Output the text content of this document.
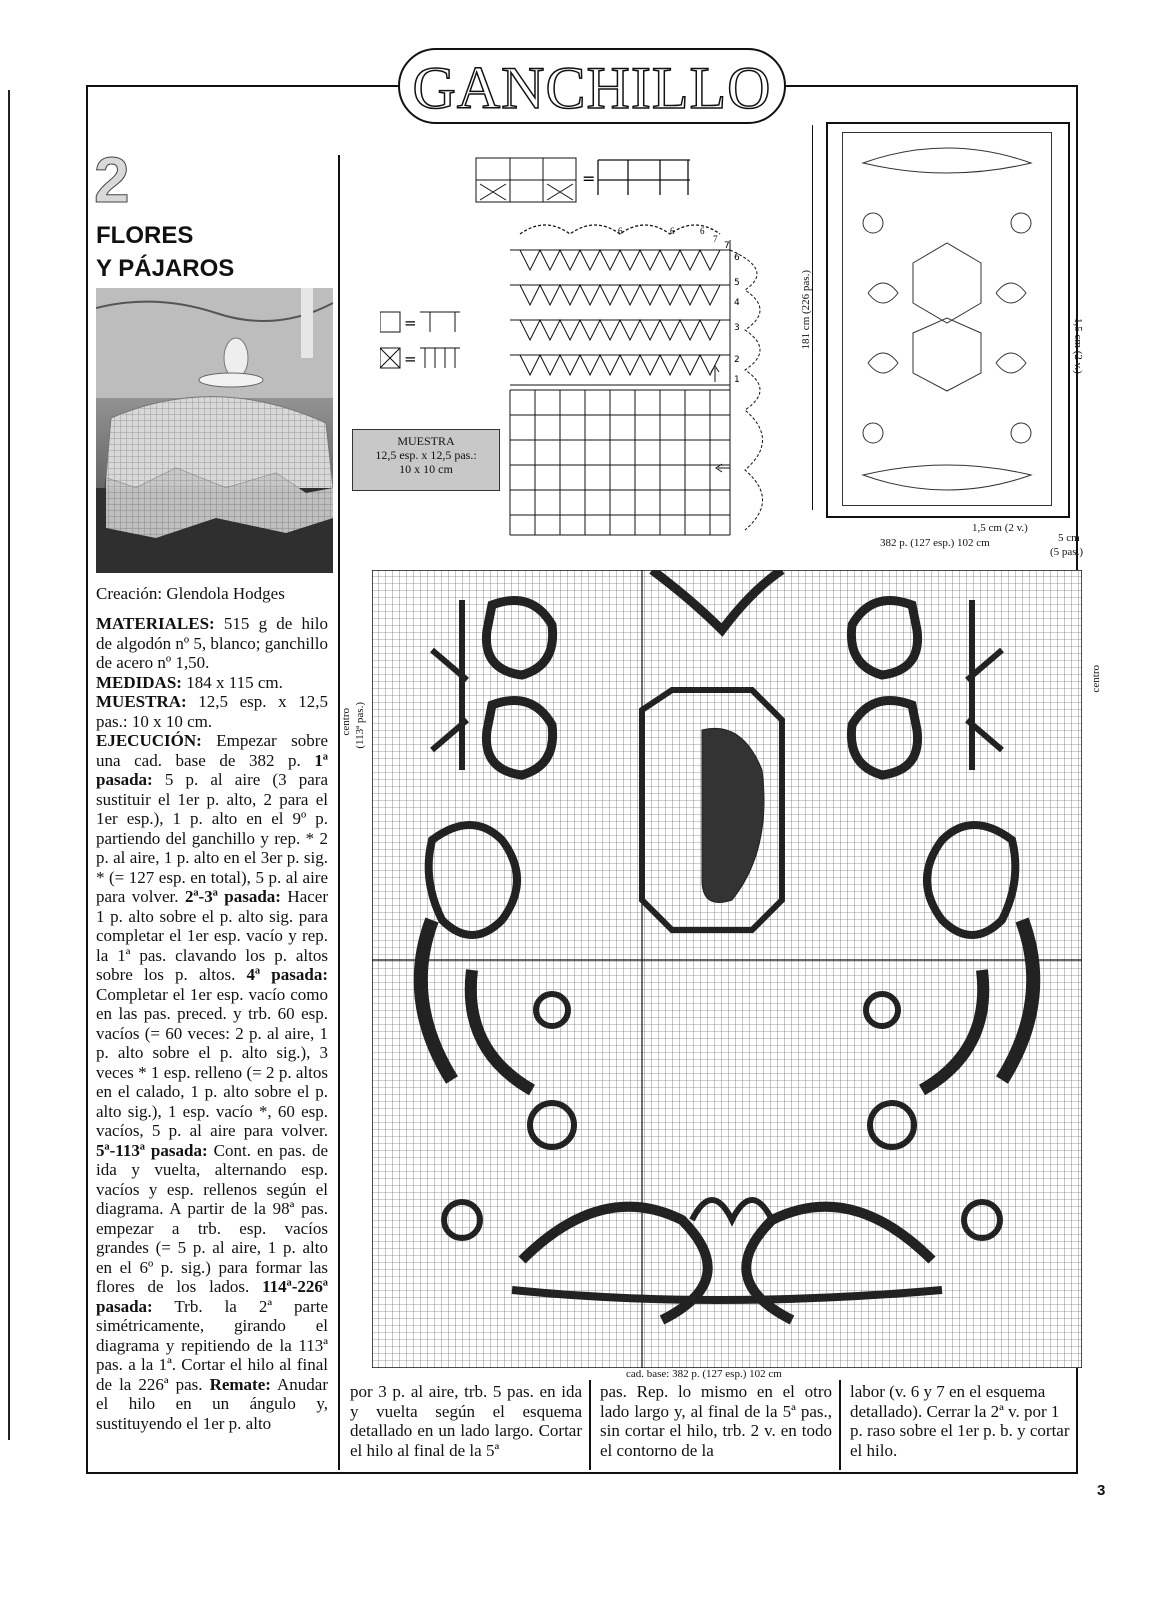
GANCHILLO
2
FLORES
Y PÁJAROS
Creación: Glendola Hodges
MATERIALES: 515 g de hilo de algodón nº 5, blanco; ganchillo de acero nº 1,50.
MEDIDAS: 184 x 115 cm.
MUESTRA: 12,5 esp. x 12,5 pas.: 10 x 10 cm.
EJECUCIÓN: Empezar sobre una cad. base de 382 p. 1ª pasada: 5 p. al aire (3 para sustituir el 1er p. alto, 2 para el 1er esp.), 1 p. alto en el 9º p. partiendo del ganchillo y rep. * 2 p. al aire, 1 p. alto en el 3er p. sig. * (= 127 esp. en total), 5 p. al aire para volver. 2ª-3ª pasada: Hacer 1 p. alto sobre el p. alto sig. para completar el 1er esp. vacío y rep. la 1ª pas. clavando los p. altos sobre los p. altos. 4ª pasada: Completar el 1er esp. vacío como en las pas. preced. y trb. 60 esp. vacíos (= 60 veces: 2 p. al aire, 1 p. alto sobre el p. alto sig.), 3 veces * 1 esp. relleno (= 2 p. altos en el calado, 1 p. alto sobre el p. alto sig.), 1 esp. vacío *, 60 esp. vacíos, 5 p. al aire para volver. 5ª-113ª pasada: Cont. en pas. de ida y vuelta, alternando esp. vacíos y esp. rellenos según el diagrama. A partir de la 98ª pas. empezar a trb. esp. vacíos grandes (= 5 p. al aire, 1 p. alto en el 6º p. sig.) para formar las flores de los lados. 114ª-226ª pasada: Trb. la 2ª parte simétricamente, girando el diagrama y repitiendo de la 113ª pas. a la 1ª. Cortar el hilo al final de la 226ª pas. Remate: Anudar el hilo en un ángulo y, sustituyendo el 1er p. alto
por 3 p. al aire, trb. 5 pas. en ida y vuelta según el esquema detallado en un lado largo. Cortar el hilo al final de la 5ª
pas. Rep. lo mismo en el otro lado largo y, al final de la 5ª pas., sin cortar el hilo, trb. 2 v. en todo el contorno de la
labor (v. 6 y 7 en el esquema detallado). Cerrar la 2ª v. por 1 p. raso sobre el 1er p. b. y cortar el hilo.
MUESTRA
12,5 esp. x 12,5 pas.:
10 x 10 cm
=
=
=
6	6	6
7
1
2
3
4
5
6
7
181 cm (226 pas.)	1,5 cm (2 v.)
1,5 cm (2 v.)
382 p. (127 esp.) 102 cm	5 cm
(5 pas.)
centro (113ª pas.)
centro
cad. base: 382 p. (127 esp.) 102 cm
3
